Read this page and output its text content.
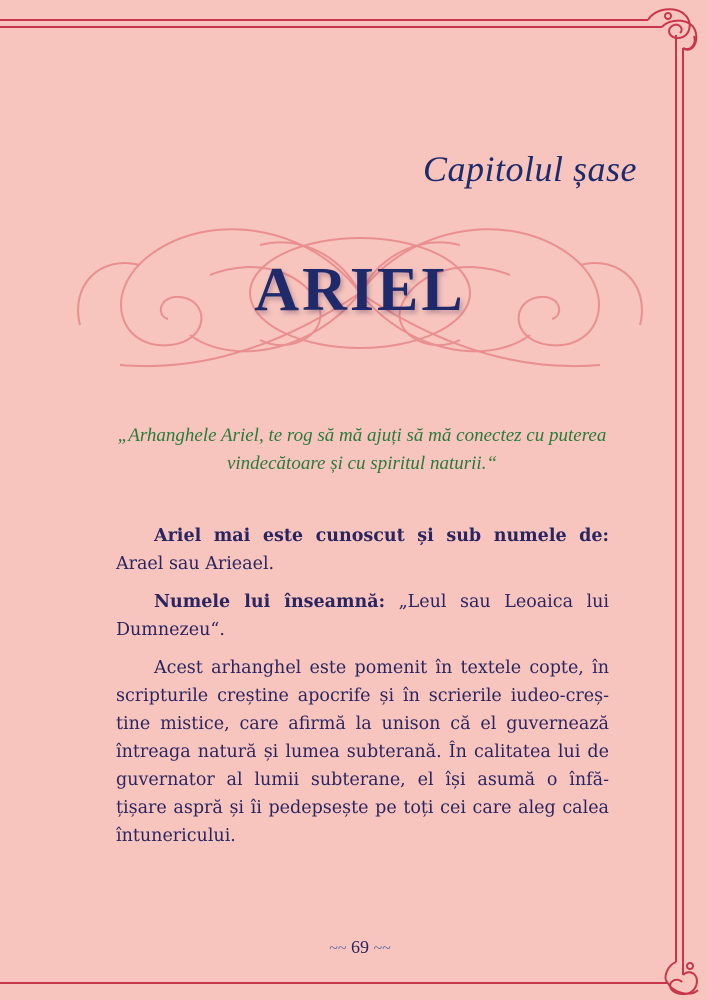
Capitolul șase
ARIEL
„Arhanghele Ariel, te rog să mă ajuți să mă conectez cu puterea vindecătoare și cu spiritul naturii.“

Ariel mai este cunoscut și sub numele de: Arael sau Arieael.

Numele lui înseamnă: „Leul sau Leoaica lui Dumnezeu“.

Acest arhanghel este pomenit în textele copte, în scripturile creștine apocrife și în scrierile iudeo-creș-tine mistice, care afirmă la unison că el guvernează întreaga natură și lumea subterană. În calitatea lui de guvernator al lumii subterane, el își asumă o înfă-țișare aspră și îi pedepsește pe toți cei care aleg calea întunericului.

~~ 69 ~~
